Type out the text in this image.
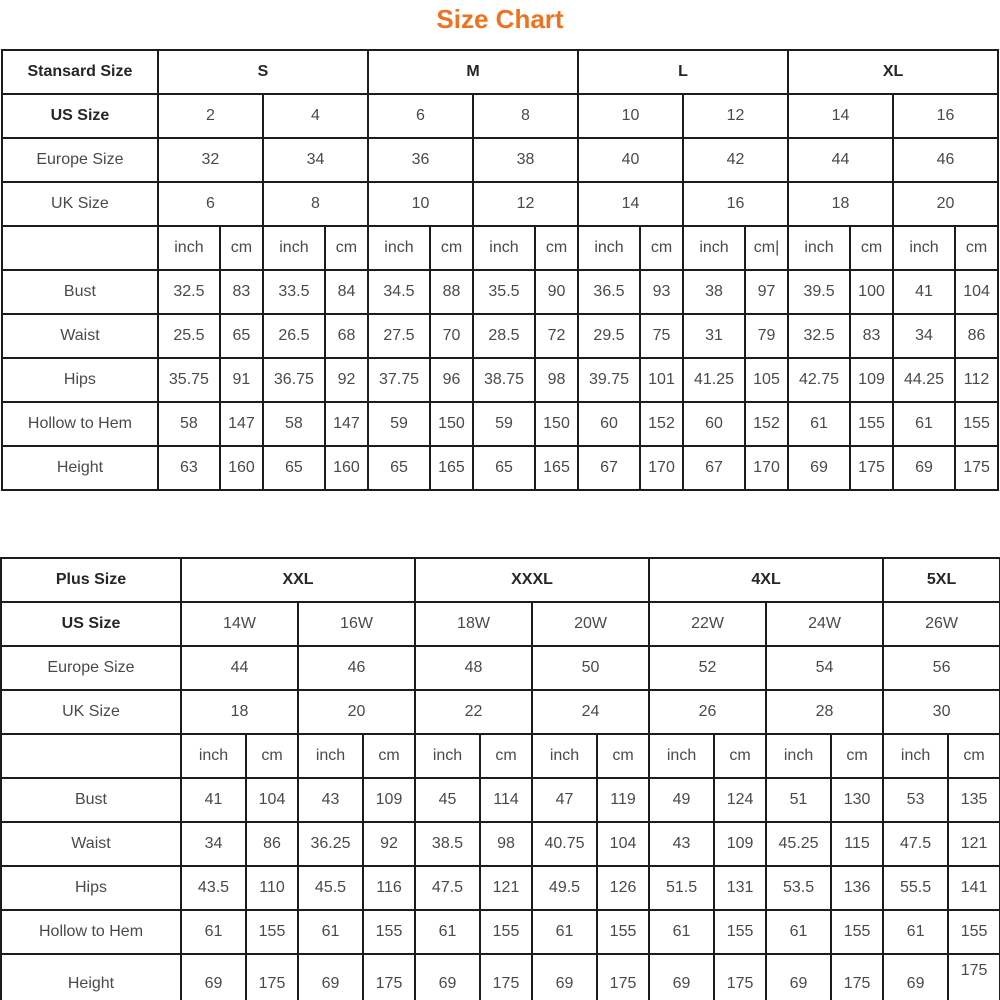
Size Chart
Stansard Size	S				M				L				XL			
US Size	2		4		6		8		10		12		14		16	
Europe Size	32		34		36		38		40		42		44		46	
UK Size	6		8		10		12		14		16		18		20	
	inch	cm	inch	cm	inch	cm	inch	cm	inch	cm	inch	cm|	inch	cm	inch	cm
Bust	32.5	83	33.5	84	34.5	88	35.5	90	36.5	93	38	97	39.5	100	41	104
Waist	25.5	65	26.5	68	27.5	70	28.5	72	29.5	75	31	79	32.5	83	34	86
Hips	35.75	91	36.75	92	37.75	96	38.75	98	39.75	101	41.25	105	42.75	109	44.25	112
Hollow to Hem	58	147	58	147	59	150	59	150	60	152	60	152	61	155	61	155
Height	63	160	65	160	65	165	65	165	67	170	67	170	69	175	69	175
Plus Size	XXL				XXXL				4XL				5XL	
US Size	14W		16W		18W		20W		22W		24W		26W	
Europe Size	44		46		48		50		52		54		56	
UK Size	18		20		22		24		26		28		30	
	inch	cm	inch	cm	inch	cm	inch	cm	inch	cm	inch	cm	inch	cm
Bust	41	104	43	109	45	114	47	119	49	124	51	130	53	135
Waist	34	86	36.25	92	38.5	98	40.75	104	43	109	45.25	115	47.5	121
Hips	43.5	110	45.5	116	47.5	121	49.5	126	51.5	131	53.5	136	55.5	141
Hollow to Hem	61	155	61	155	61	155	61	155	61	155	61	155	61	155
Height	69	175	69	175	69	175	69	175	69	175	69	175	69	175
